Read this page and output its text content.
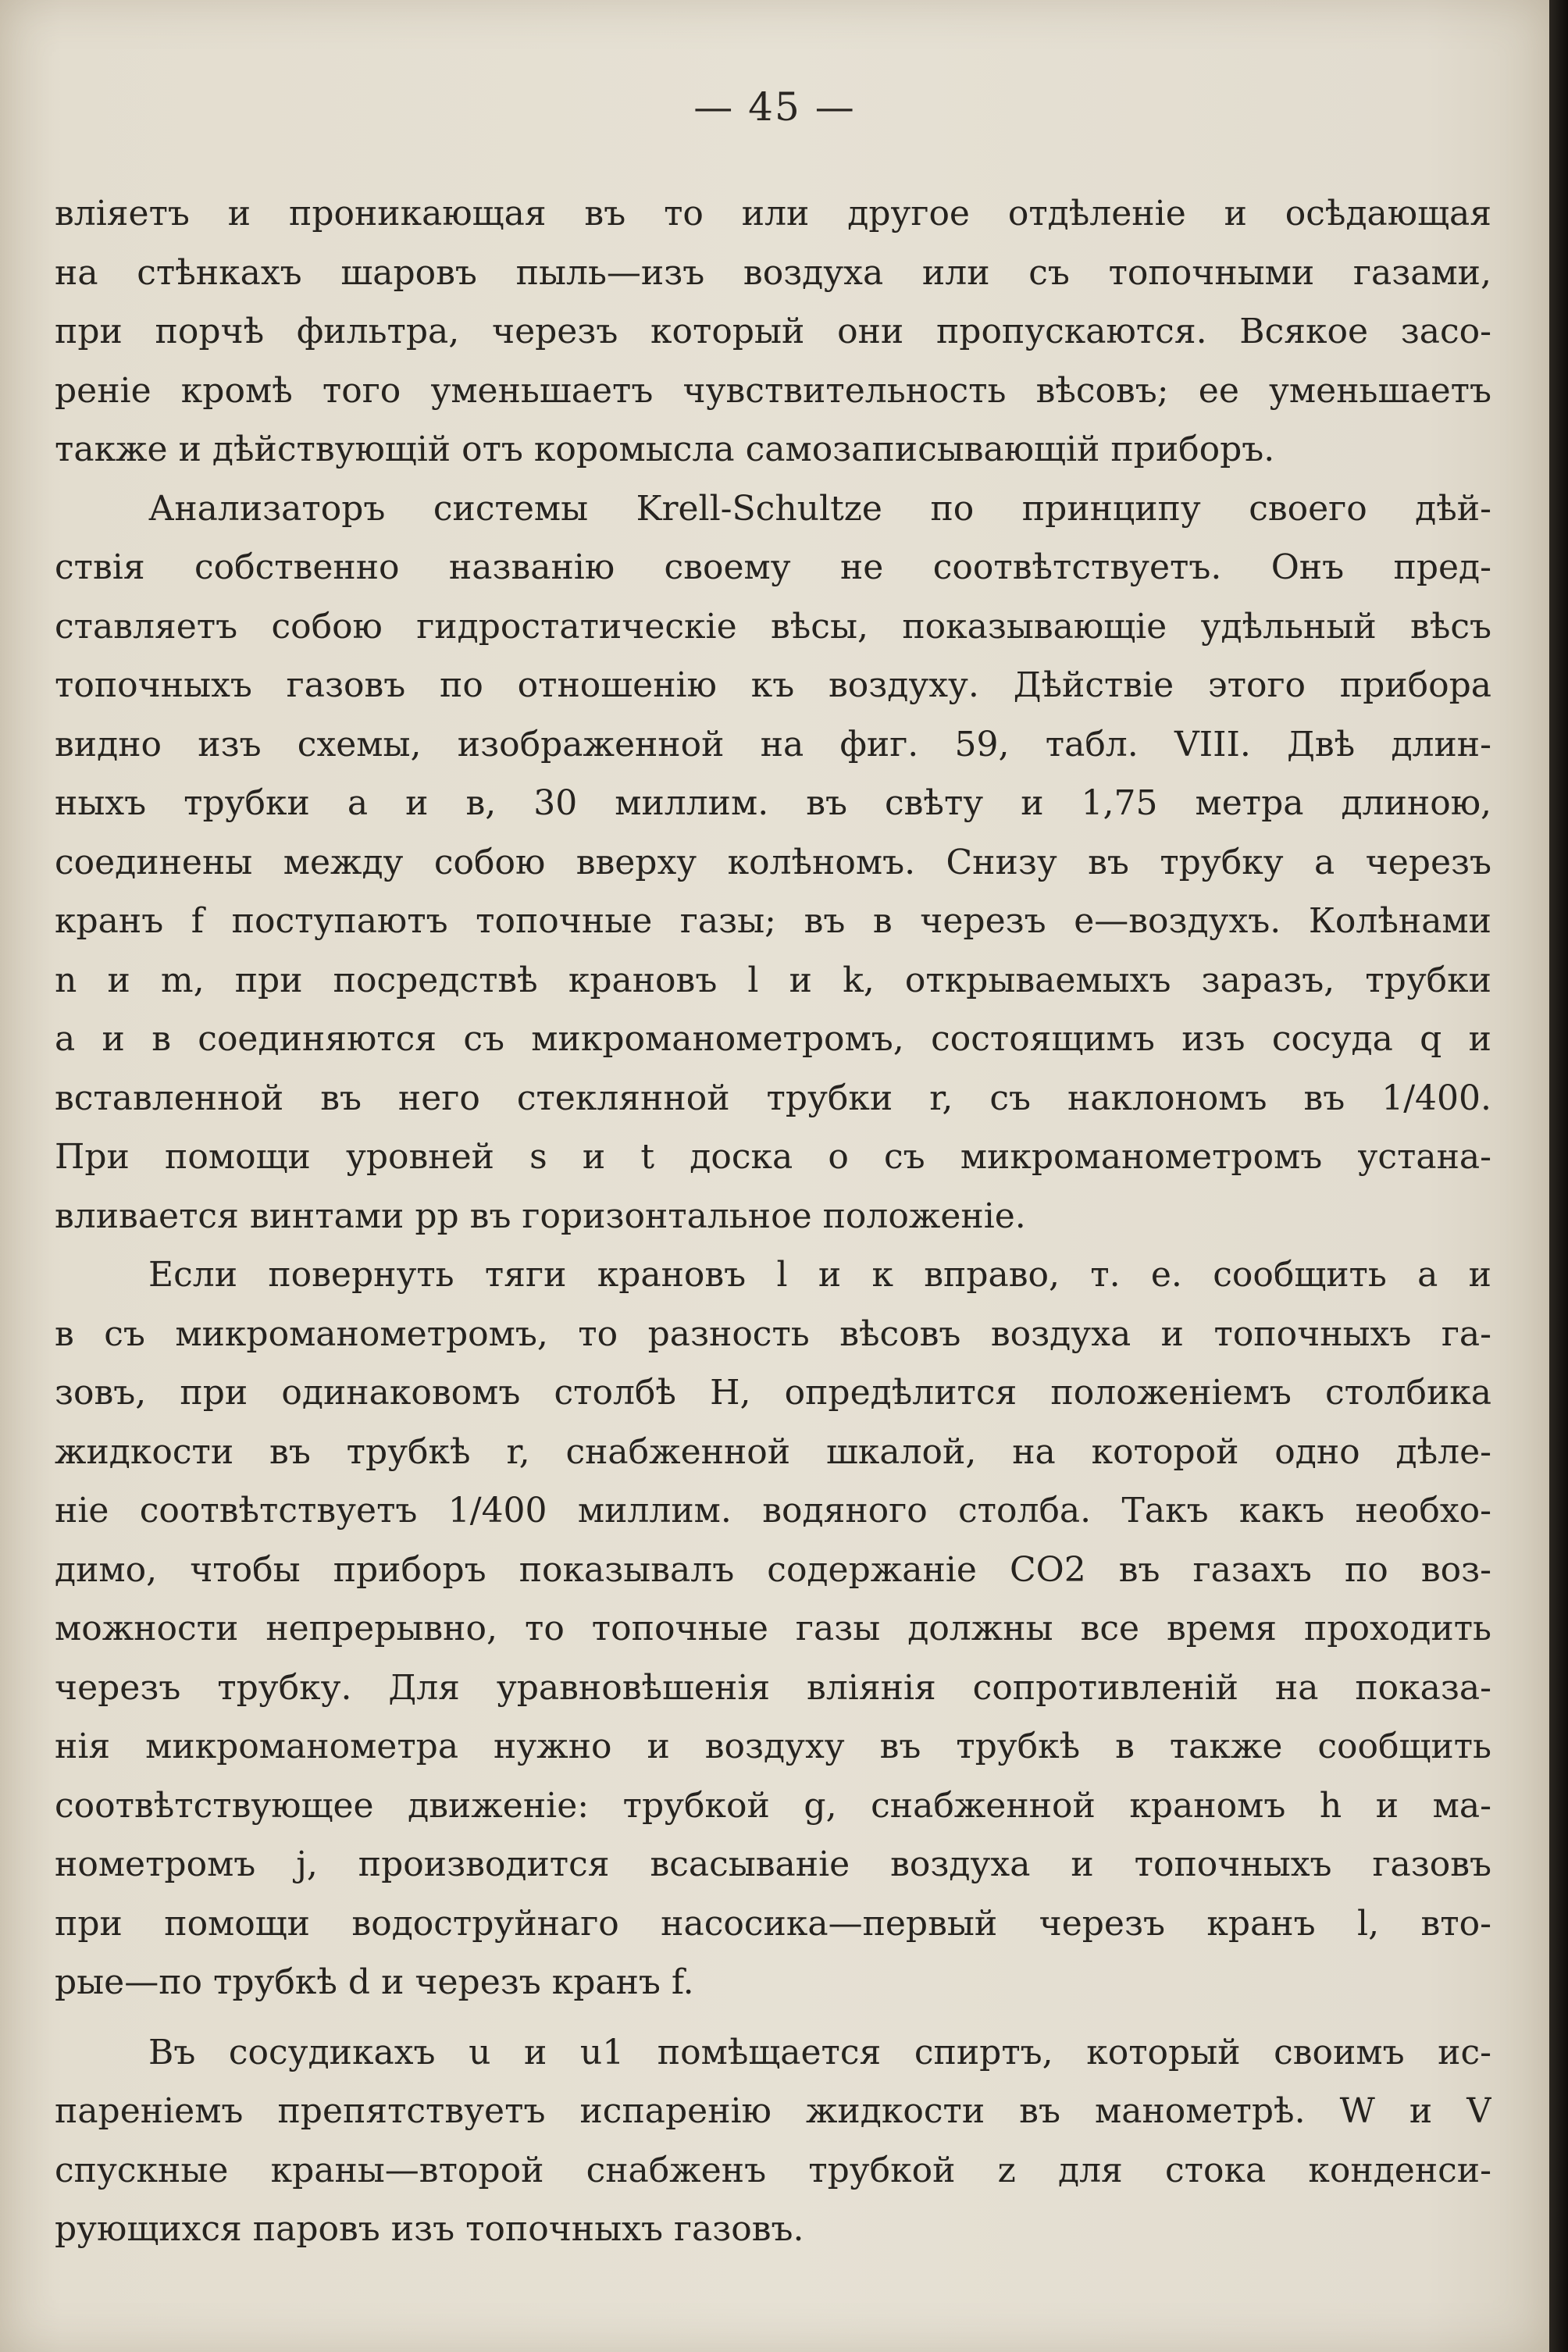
— 45 —
вліяетъ и проникающая въ то или другое отдѣленіе и осѣдающая
на стѣнкахъ шаровъ пыль—изъ воздуха или съ топочными газами,
при порчѣ фильтра, черезъ который они пропускаются. Всякое засо-
реніе кромѣ того уменьшаетъ чувствительность вѣсовъ; ее уменьшаетъ
также и дѣйствующій отъ коромысла самозаписывающій приборъ.
Анализаторъ системы Krell-Schultze по принципу своего дѣй-
ствія собственно названію своему не соотвѣтствуетъ. Онъ пред-
ставляетъ собою гидростатическіе вѣсы, показывающіе удѣльный вѣсъ
топочныхъ газовъ по отношенію къ воздуху. Дѣйствіе этого прибора
видно изъ схемы, изображенной на фиг. 59, табл. VIII. Двѣ длин-
ныхъ трубки a и в, 30 миллим. въ свѣту и 1,75 метра длиною,
соединены между собою вверху колѣномъ. Снизу въ трубку a черезъ
кранъ f поступаютъ топочные газы; въ в черезъ e—воздухъ. Колѣнами
n и m, при посредствѣ крановъ l и k, открываемыхъ заразъ, трубки
a и в соединяются съ микроманометромъ, состоящимъ изъ сосуда q и
вставленной въ него стеклянной трубки r, съ наклономъ въ 1/400.
При помощи уровней s и t доска o съ микроманометромъ устана-
вливается винтами pp въ горизонтальное положеніе.
Если повернуть тяги крановъ l и к вправо, т. е. сообщить a и
в съ микроманометромъ, то разность вѣсовъ воздуха и топочныхъ га-
зовъ, при одинаковомъ столбѣ H, опредѣлится положеніемъ столбика
жидкости въ трубкѣ r, снабженной шкалой, на которой одно дѣле-
ніе соотвѣтствуетъ 1/400 миллим. водяного столба. Такъ какъ необхо-
димо, чтобы приборъ показывалъ содержаніе CO2 въ газахъ по воз-
можности непрерывно, то топочные газы должны все время проходить
черезъ трубку. Для уравновѣшенія вліянія сопротивленій на показа-
нія микроманометра нужно и воздуху въ трубкѣ в также сообщить
соотвѣтствующее движеніе: трубкой g, снабженной краномъ h и ма-
нометромъ j, производится всасываніе воздуха и топочныхъ газовъ
при помощи водоструйнаго насосика—первый черезъ кранъ l, вто-
рые—по трубкѣ d и черезъ кранъ f.
Въ сосудикахъ u и u1 помѣщается спиртъ, который своимъ ис-
пареніемъ препятствуетъ испаренію жидкости въ манометрѣ. W и V
спускные краны—второй снабженъ трубкой z для стока конденси-
рующихся паровъ изъ топочныхъ газовъ.
